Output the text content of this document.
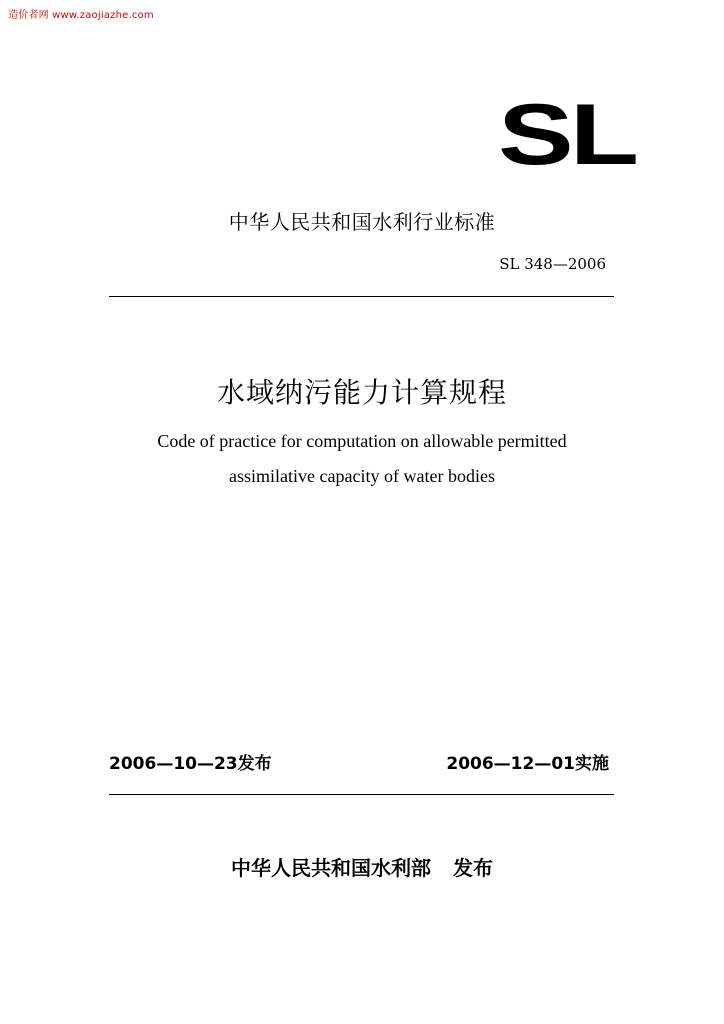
造价者网 www.zaojiazhe.com
SL
中华人民共和国水利行业标准
SL 348—2006
水域纳污能力计算规程
Code of practice for computation on allowable permitted
assimilative capacity of water bodies
2006—10—23发布	2006—12—01实施
中华人民共和国水利部 发布
